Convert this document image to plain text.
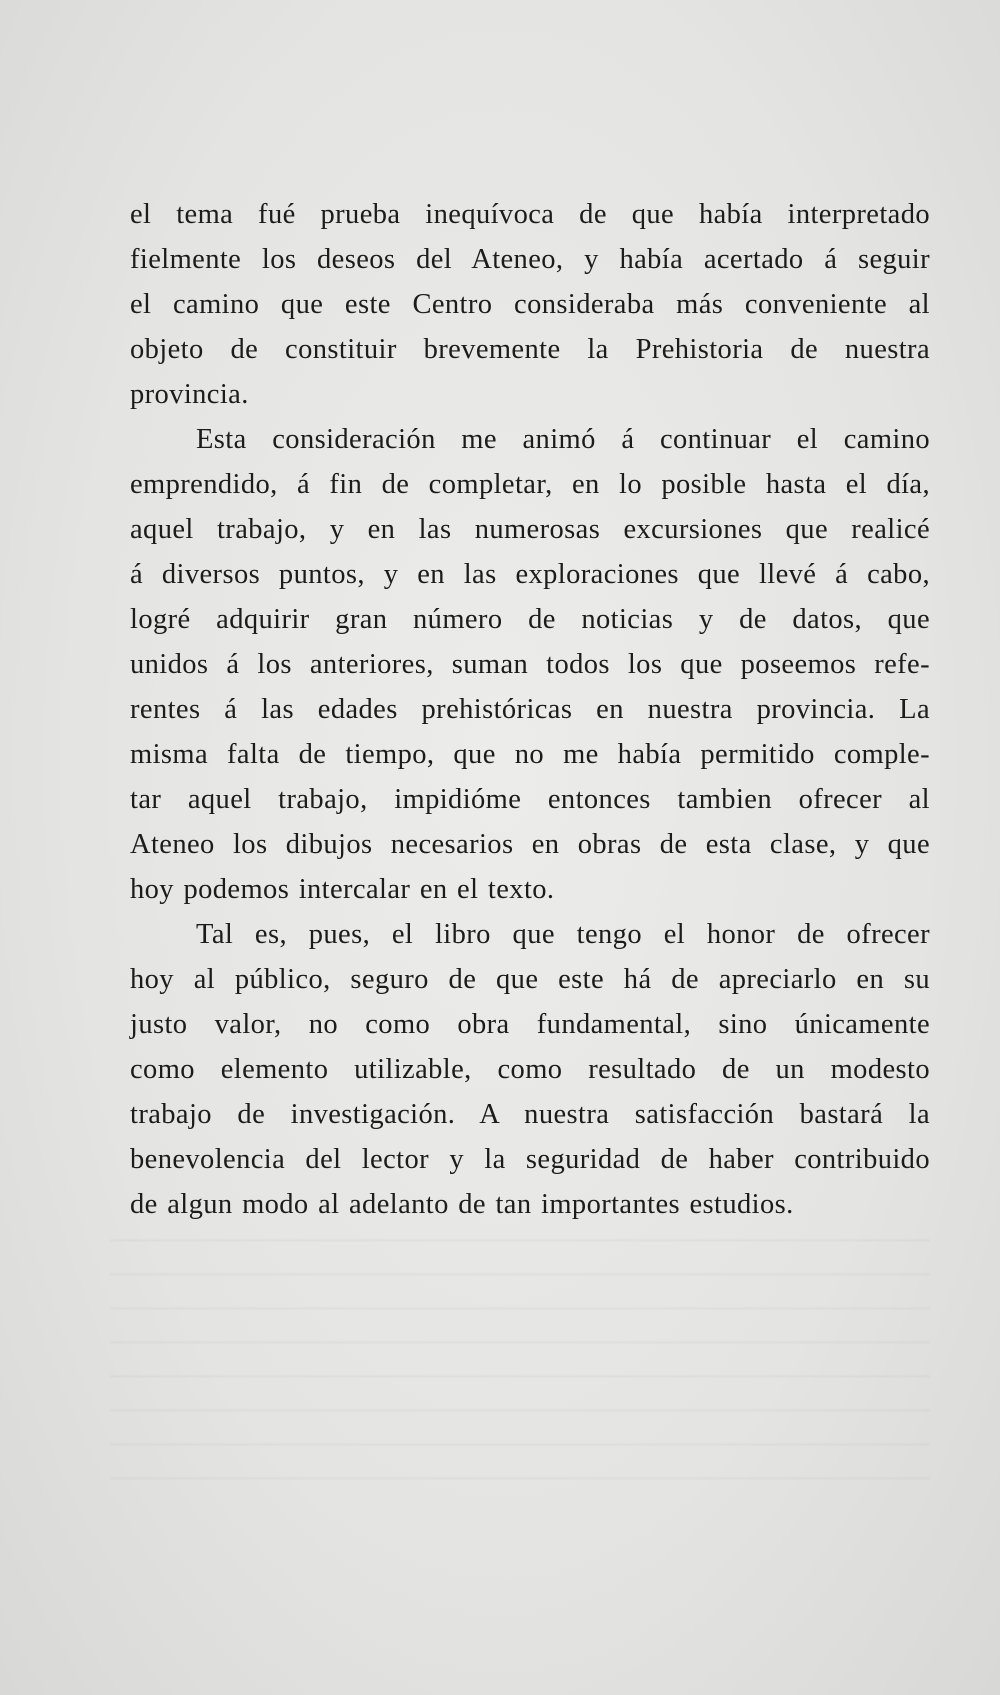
el tema fué prueba inequívoca de que había interpretado
fielmente los deseos del Ateneo, y había acertado á seguir
el camino que este Centro consideraba más conveniente al
objeto de constituir brevemente la Prehistoria de nuestra
provincia.

Esta consideración me animó á continuar el camino
emprendido, á fin de completar, en lo posible hasta el día,
aquel trabajo, y en las numerosas excursiones que realicé
á diversos puntos, y en las exploraciones que llevé á cabo,
logré adquirir gran número de noticias y de datos, que
unidos á los anteriores, suman todos los que poseemos refe-
rentes á las edades prehistóricas en nuestra provincia. La
misma falta de tiempo, que no me había permitido comple-
tar aquel trabajo, impidióme entonces tambien ofrecer al
Ateneo los dibujos necesarios en obras de esta clase, y que
hoy podemos intercalar en el texto.

Tal es, pues, el libro que tengo el honor de ofrecer
hoy al público, seguro de que este há de apreciarlo en su
justo valor, no como obra fundamental, sino únicamente
como elemento utilizable, como resultado de un modesto
trabajo de investigación. A nuestra satisfacción bastará la
benevolencia del lector y la seguridad de haber contribuido
de algun modo al adelanto de tan importantes estudios.
